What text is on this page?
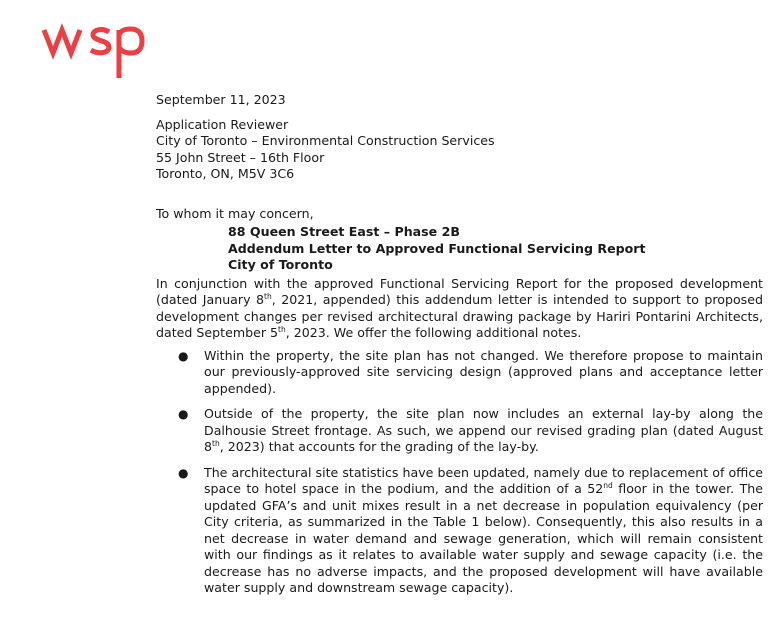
September 11, 2023
Application Reviewer
City of Toronto – Environmental Construction Services
55 John Street – 16th Floor
Toronto, ON, M5V 3C6
To whom it may concern,
88 Queen Street East – Phase 2B
Addendum Letter to Approved Functional Servicing Report
City of Toronto
In conjunction with the approved Functional Servicing Report for the proposed development (dated January 8th, 2021, appended) this addendum letter is intended to support to proposed development changes per revised architectural drawing package by Hariri Pontarini Architects, dated September 5th, 2023. We offer the following additional notes.
● Within the property, the site plan has not changed. We therefore propose to maintain our previously-approved site servicing design (approved plans and acceptance letter appended).
● Outside of the property, the site plan now includes an external lay-by along the Dalhousie Street frontage. As such, we append our revised grading plan (dated August 8th, 2023) that accounts for the grading of the lay-by.
● The architectural site statistics have been updated, namely due to replacement of office space to hotel space in the podium, and the addition of a 52nd floor in the tower. The updated GFA’s and unit mixes result in a net decrease in population equivalency (per City criteria, as summarized in the Table 1 below). Consequently, this also results in a net decrease in water demand and sewage generation, which will remain consistent with our findings as it relates to available water supply and sewage capacity (i.e. the decrease has no adverse impacts, and the proposed development will have available water supply and downstream sewage capacity).
